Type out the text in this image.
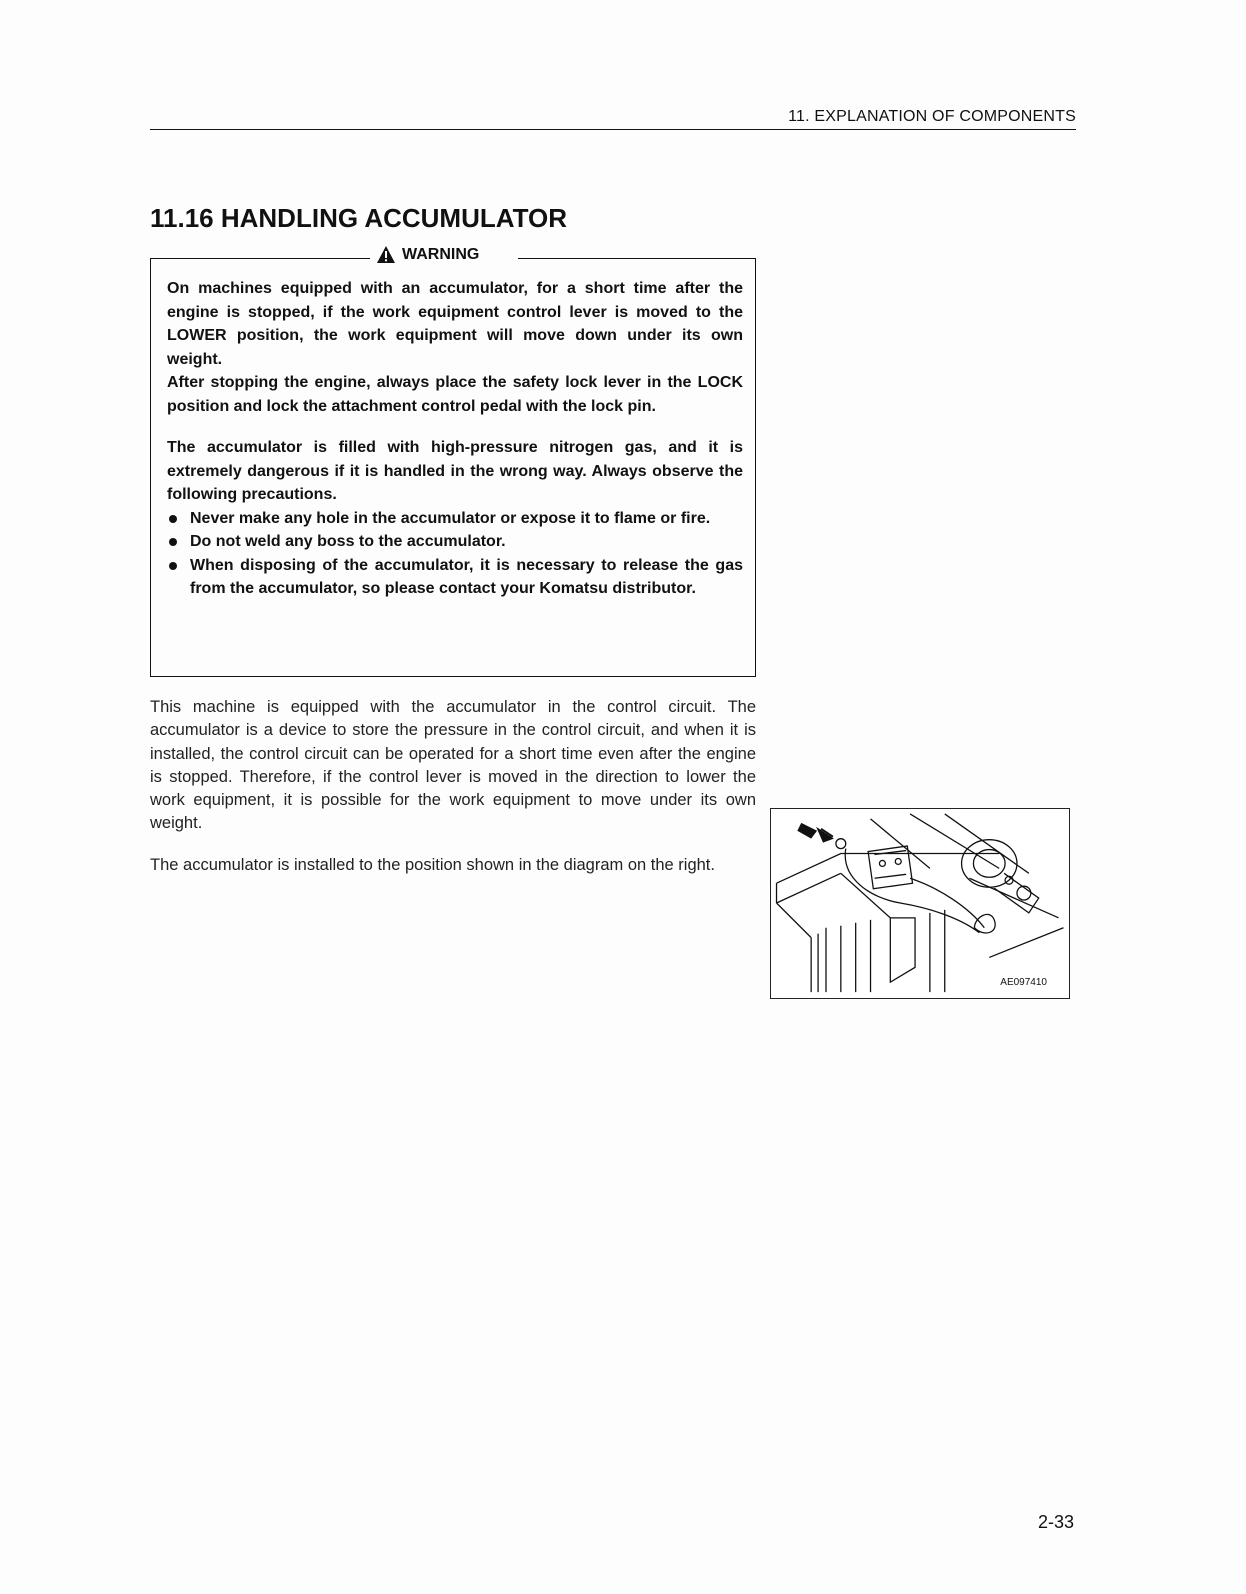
11. EXPLANATION OF COMPONENTS
11.16 HANDLING ACCUMULATOR
WARNING

On machines equipped with an accumulator, for a short time after the engine is stopped, if the work equipment control lever is moved to the LOWER position, the work equipment will move down under its own weight.

After stopping the engine, always place the safety lock lever in the LOCK position and lock the attachment control pedal with the lock pin.

The accumulator is filled with high-pressure nitrogen gas, and it is extremely dangerous if it is handled in the wrong way. Always observe the following precautions.

Never make any hole in the accumulator or expose it to flame or fire.
Do not weld any boss to the accumulator.
When disposing of the accumulator, it is necessary to release the gas from the accumulator, so please contact your Komatsu distributor.

This machine is equipped with the accumulator in the control circuit. The accumulator is a device to store the pressure in the control circuit, and when it is installed, the control circuit can be operated for a short time even after the engine is stopped. Therefore, if the control lever is moved in the direction to lower the work equipment, it is possible for the work equipment to move under its own weight.

The accumulator is installed to the position shown in the diagram on the right.

AE097410
2-33
